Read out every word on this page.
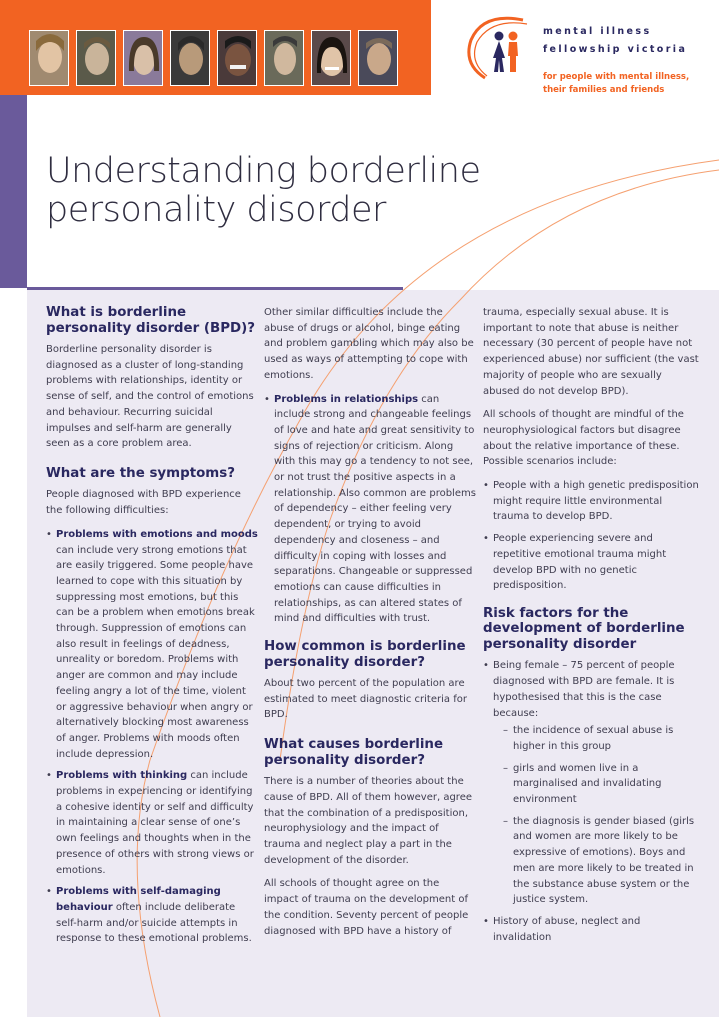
mental illness
fellowship victoria
for people with mental illness,
their families and friends
Understanding borderline
personality disorder
What is borderline
personality disorder (BPD)?

Borderline personality disorder is diagnosed as a cluster of long-standing problems with relationships, identity or sense of self, and the control of emotions and behaviour. Recurring suicidal impulses and self-harm are generally seen as a core problem area.

What are the symptoms?

People diagnosed with BPD experience the following difficulties:

• Problems with emotions and moods can include very strong emotions that are easily triggered. Some people have learned to cope with this situation by suppressing most emotions, but this can be a problem when emotions break through. Suppression of emotions can also result in feelings of deadness, unreality or boredom. Problems with anger are common and may include feeling angry a lot of the time, violent or aggressive behaviour when angry or alternatively blocking most awareness of anger. Problems with moods often include depression.
• Problems with thinking can include problems in experiencing or identifying a cohesive identity or self and difficulty in maintaining a clear sense of one’s own feelings and thoughts when in the presence of others with strong views or emotions.
• Problems with self-damaging behaviour often include deliberate self-harm and/or suicide attempts in response to these emotional problems.

Other similar difficulties include the abuse of drugs or alcohol, binge eating and problem gambling which may also be used as ways of attempting to cope with emotions.

• Problems in relationships can include strong and changeable feelings of love and hate and great sensitivity to signs of rejection or criticism. Along with this may go a tendency to not see, or not trust the positive aspects in a relationship. Also common are problems of dependency – either feeling very dependent, or trying to avoid dependency and closeness – and difficulty in coping with losses and separations. Changeable or suppressed emotions can cause difficulties in relationships, as can altered states of mind and difficulties with trust.
How common is borderline
personality disorder?

About two percent of the population are estimated to meet diagnostic criteria for BPD.

What causes borderline
personality disorder?

There is a number of theories about the cause of BPD. All of them however, agree that the combination of a predisposition, neurophysiology and the impact of trauma and neglect play a part in the development of the disorder.

All schools of thought agree on the impact of trauma on the development of the condition. Seventy percent of people diagnosed with BPD have a history of

trauma, especially sexual abuse. It is important to note that abuse is neither necessary (30 percent of people have not experienced abuse) nor sufficient (the vast majority of people who are sexually abused do not develop BPD).

All schools of thought are mindful of the neurophysiological factors but disagree about the relative importance of these. Possible scenarios include:

• People with a high genetic predisposition might require little environmental trauma to develop BPD.
• People experiencing severe and repetitive emotional trauma might develop BPD with no genetic predisposition.
Risk factors for the
development of borderline
personality disorder
• Being female – 75 percent of people diagnosed with BPD are female. It is hypothesised that this is the case because:
– the incidence of sexual abuse is higher in this group
– girls and women live in a marginalised and invalidating environment
– the diagnosis is gender biased (girls and women are more likely to be expressive of emotions). Boys and men are more likely to be treated in the substance abuse system or the justice system.
• History of abuse, neglect and invalidation
